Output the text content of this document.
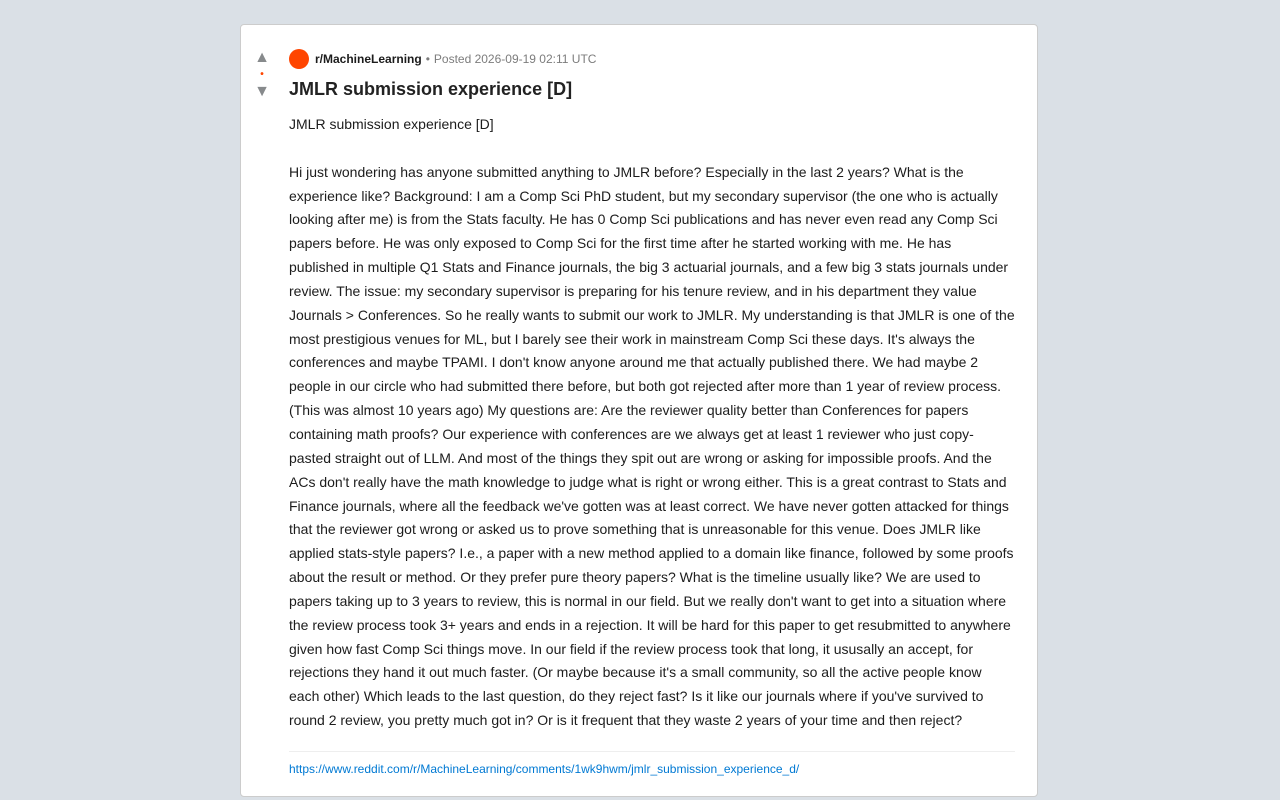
▲
•
▼
r/MachineLearning • Posted 2026-09-19 02:11 UTC
JMLR submission experience [D]

JMLR submission experience [D]

Hi just wondering has anyone submitted anything to JMLR before? Especially in the last 2 years? What is the experience like? Background: I am a Comp Sci PhD student, but my secondary supervisor (the one who is actually looking after me) is from the Stats faculty. He has 0 Comp Sci publications and has never even read any Comp Sci papers before. He was only exposed to Comp Sci for the first time after he started working with me. He has published in multiple Q1 Stats and Finance journals, the big 3 actuarial journals, and a few big 3 stats journals under review. The issue: my secondary supervisor is preparing for his tenure review, and in his department they value Journals > Conferences. So he really wants to submit our work to JMLR. My understanding is that JMLR is one of the most prestigious venues for ML, but I barely see their work in mainstream Comp Sci these days. It's always the conferences and maybe TPAMI. I don't know anyone around me that actually published there. We had maybe 2 people in our circle who had submitted there before, but both got rejected after more than 1 year of review process. (This was almost 10 years ago) My questions are: Are the reviewer quality better than Conferences for papers containing math proofs? Our experience with conferences are we always get at least 1 reviewer who just copy-pasted straight out of LLM. And most of the things they spit out are wrong or asking for impossible proofs. And the ACs don't really have the math knowledge to judge what is right or wrong either. This is a great contrast to Stats and Finance journals, where all the feedback we've gotten was at least correct. We have never gotten attacked for things that the reviewer got wrong or asked us to prove something that is unreasonable for this venue. Does JMLR like applied stats-style papers? I.e., a paper with a new method applied to a domain like finance, followed by some proofs about the result or method. Or they prefer pure theory papers? What is the timeline usually like? We are used to papers taking up to 3 years to review, this is normal in our field. But we really don't want to get into a situation where the review process took 3+ years and ends in a rejection. It will be hard for this paper to get resubmitted to anywhere given how fast Comp Sci things move. In our field if the review process took that long, it ususally an accept, for rejections they hand it out much faster. (Or maybe because it's a small community, so all the active people know each other) Which leads to the last question, do they reject fast? Is it like our journals where if you've survived to round 2 review, you pretty much got in? Or is it frequent that they waste 2 years of your time and then reject?

https://www.reddit.com/r/MachineLearning/comments/1wk9hwm/jmlr_submission_experience_d/
